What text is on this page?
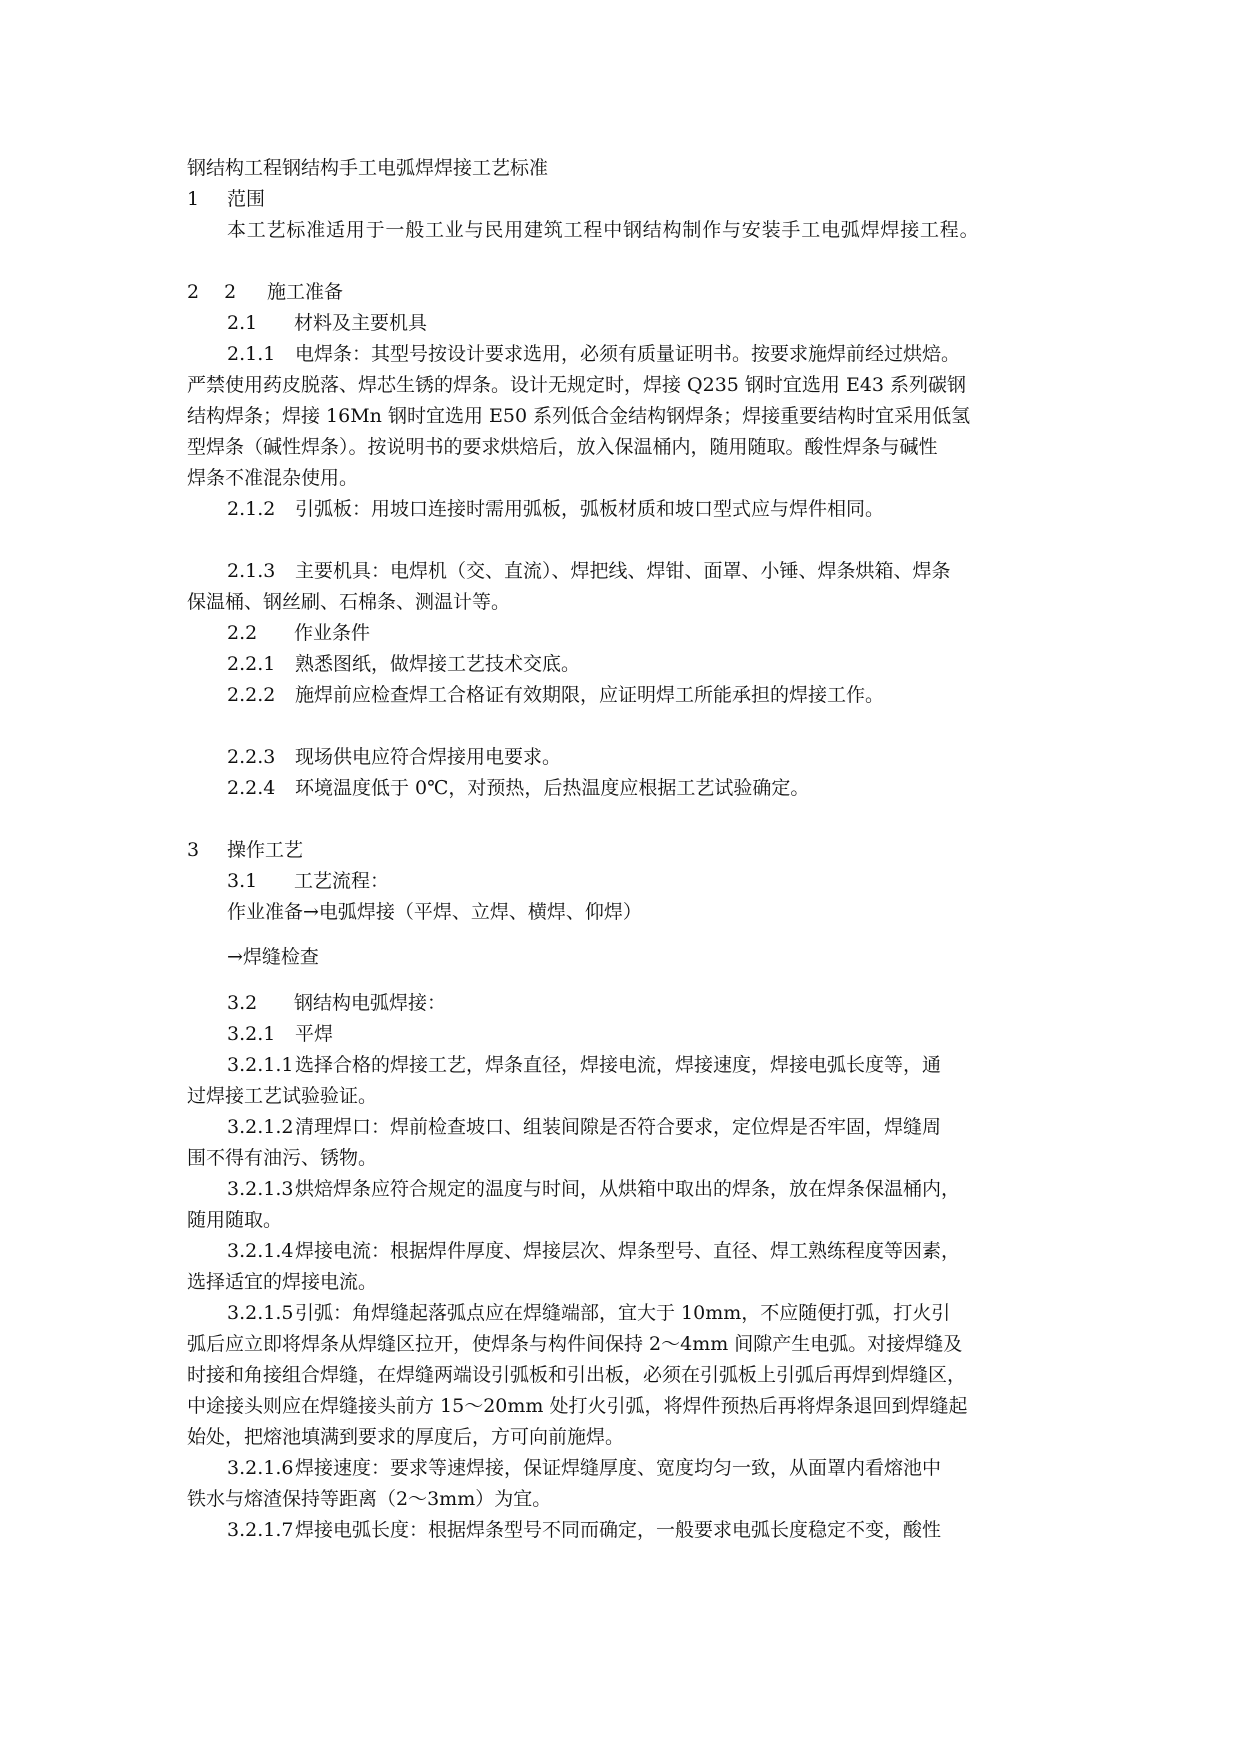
钢结构工程钢结构手工电弧焊焊接工艺标准
1 范围
本工艺标准适用于一般工业与民用建筑工程中钢结构制作与安装手工电弧焊焊接工程。
2　 2 施工准备
2.1 材料及主要机具
2.1.1 电焊条：其型号按设计要求选用，必须有质量证明书。按要求施焊前经过烘焙。
严禁使用药皮脱落、焊芯生锈的焊条。设计无规定时，焊接 Q235 钢时宜选用 E43 系列碳钢
结构焊条；焊接 16Mn 钢时宜选用 E50 系列低合金结构钢焊条；焊接重要结构时宜采用低氢
型焊条（碱性焊条）。按说明书的要求烘焙后，放入保温桶内，随用随取。酸性焊条与碱性
焊条不准混杂使用。
2.1.2 引弧板：用坡口连接时需用弧板，弧板材质和坡口型式应与焊件相同。
2.1.3 主要机具：电焊机（交、直流）、焊把线、焊钳、面罩、小锤、焊条烘箱、焊条
保温桶、钢丝刷、石棉条、测温计等。
2.2 作业条件
2.2.1 熟悉图纸，做焊接工艺技术交底。
2.2.2 施焊前应检查焊工合格证有效期限，应证明焊工所能承担的焊接工作。
2.2.3 现场供电应符合焊接用电要求。
2.2.4 环境温度低于 0℃，对预热，后热温度应根据工艺试验确定。
3 操作工艺
3.1 工艺流程：
作业准备→电弧焊接（平焊、立焊、横焊、仰焊）
→焊缝检查
3.2 钢结构电弧焊接：
3.2.1 平焊
3.2.1.1选择合格的焊接工艺，焊条直径，焊接电流，焊接速度，焊接电弧长度等，通
过焊接工艺试验验证。
3.2.1.2清理焊口：焊前检查坡口、组装间隙是否符合要求，定位焊是否牢固，焊缝周
围不得有油污、锈物。
3.2.1.3烘焙焊条应符合规定的温度与时间，从烘箱中取出的焊条，放在焊条保温桶内，
随用随取。
3.2.1.4焊接电流：根据焊件厚度、焊接层次、焊条型号、直径、焊工熟练程度等因素，
选择适宜的焊接电流。
3.2.1.5引弧：角焊缝起落弧点应在焊缝端部，宜大于 10mm，不应随便打弧，打火引
弧后应立即将焊条从焊缝区拉开，使焊条与构件间保持 2～4mm 间隙产生电弧。对接焊缝及
时接和角接组合焊缝，在焊缝两端设引弧板和引出板，必须在引弧板上引弧后再焊到焊缝区，
中途接头则应在焊缝接头前方 15～20mm 处打火引弧，将焊件预热后再将焊条退回到焊缝起
始处，把熔池填满到要求的厚度后，方可向前施焊。
3.2.1.6焊接速度：要求等速焊接，保证焊缝厚度、宽度均匀一致，从面罩内看熔池中
铁水与熔渣保持等距离（2～3mm）为宜。
3.2.1.7焊接电弧长度：根据焊条型号不同而确定，一般要求电弧长度稳定不变，酸性
